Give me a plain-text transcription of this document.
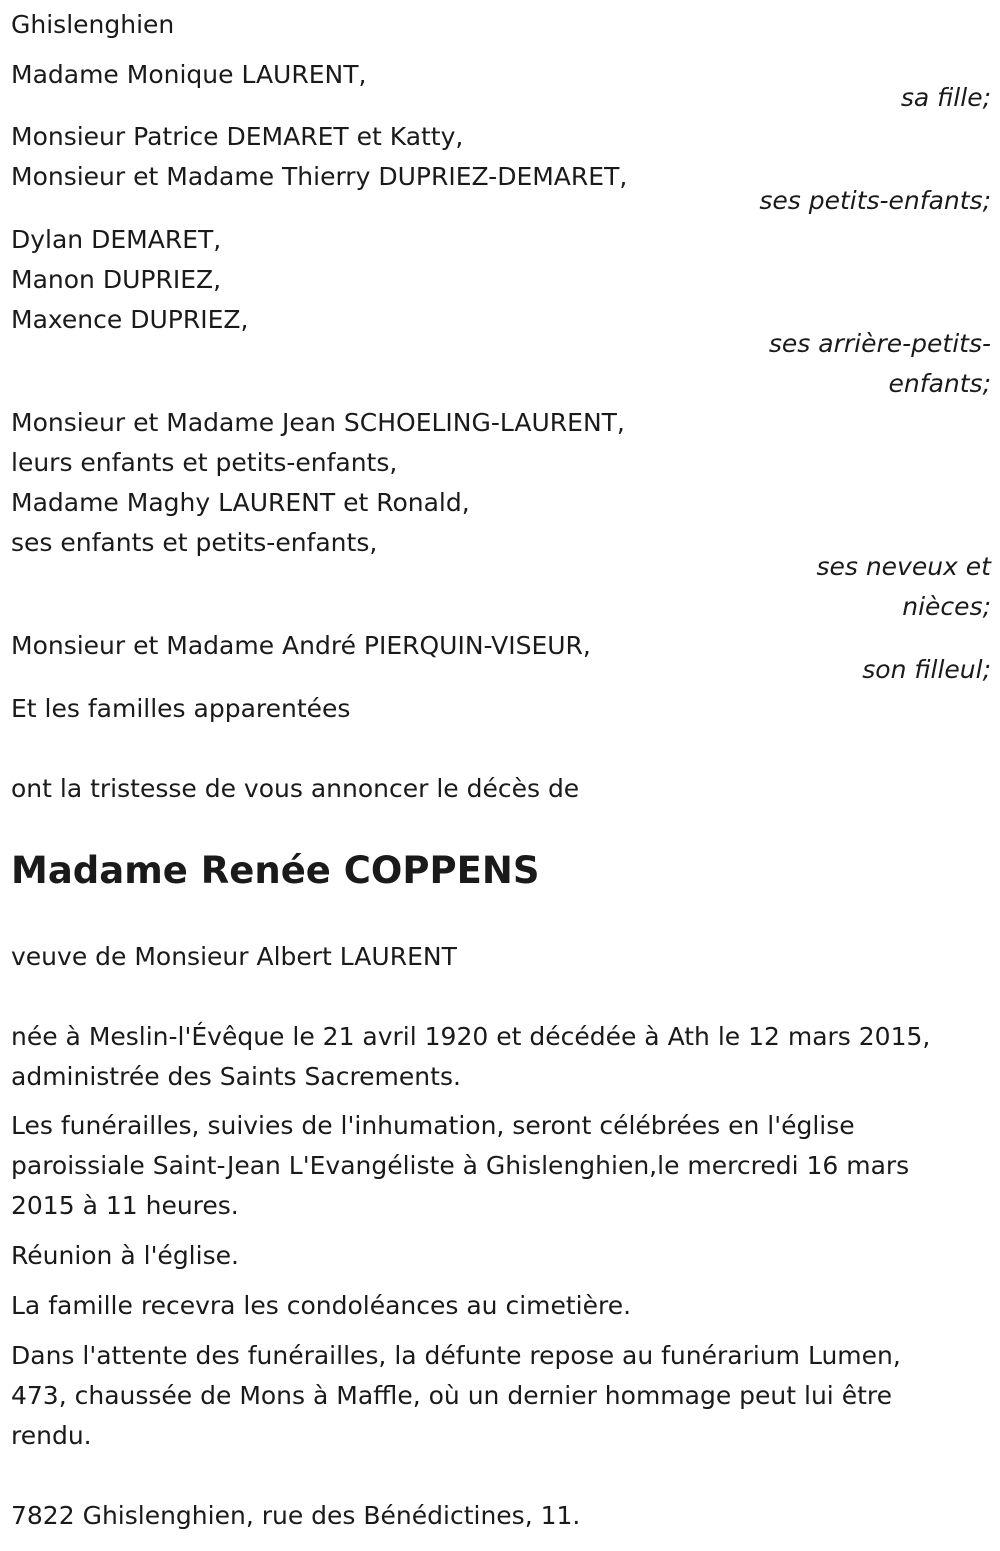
Ghislenghien
Madame Monique LAURENT,
sa fille;
Monsieur Patrice DEMARET et Katty,
Monsieur et Madame Thierry DUPRIEZ-DEMARET,
ses petits-enfants;
Dylan DEMARET,
Manon DUPRIEZ,
Maxence DUPRIEZ,
ses arrière-petits-
enfants;
Monsieur et Madame Jean SCHOELING-LAURENT,
leurs enfants et petits-enfants,
Madame Maghy LAURENT et Ronald,
ses enfants et petits-enfants,
ses neveux et
nièces;
Monsieur et Madame André PIERQUIN-VISEUR,
son filleul;
Et les familles apparentées
ont la tristesse de vous annoncer le décès de
Madame Renée COPPENS
veuve de Monsieur Albert LAURENT
née à Meslin-l'Évêque le 21 avril 1920 et décédée à Ath le 12 mars 2015,
administrée des Saints Sacrements.
Les funérailles, suivies de l'inhumation, seront célébrées en l'église
paroissiale Saint-Jean L'Evangéliste à Ghislenghien,le mercredi 16 mars
2015 à 11 heures.
Réunion à l'église.
La famille recevra les condoléances au cimetière.
Dans l'attente des funérailles, la défunte repose au funérarium Lumen,
473, chaussée de Mons à Maffle, où un dernier hommage peut lui être
rendu.
7822 Ghislenghien, rue des Bénédictines, 11.
